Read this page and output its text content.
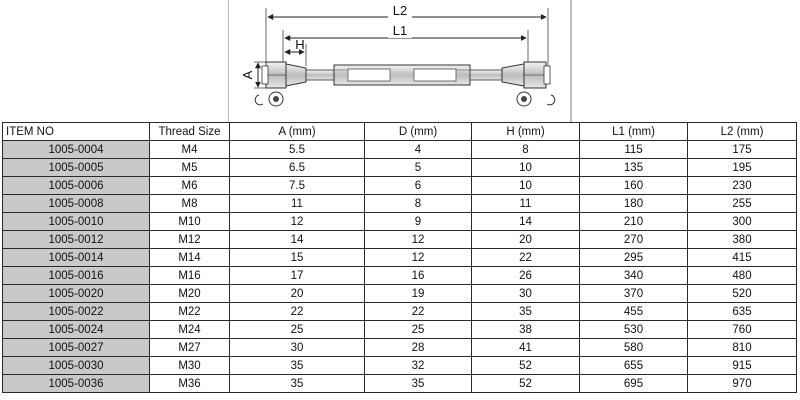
L2
L1
H
A
ITEM NO	Thread Size	A (mm)	D (mm)	H (mm)	L1 (mm)	L2 (mm)
1005-0004	M4	5.5	4	8	115	175
1005-0005	M5	6.5	5	10	135	195
1005-0006	M6	7.5	6	10	160	230
1005-0008	M8	11	8	11	180	255
1005-0010	M10	12	9	14	210	300
1005-0012	M12	14	12	20	270	380
1005-0014	M14	15	12	22	295	415
1005-0016	M16	17	16	26	340	480
1005-0020	M20	20	19	30	370	520
1005-0022	M22	22	22	35	455	635
1005-0024	M24	25	25	38	530	760
1005-0027	M27	30	28	41	580	810
1005-0030	M30	35	32	52	655	915
1005-0036	M36	35	35	52	695	970
